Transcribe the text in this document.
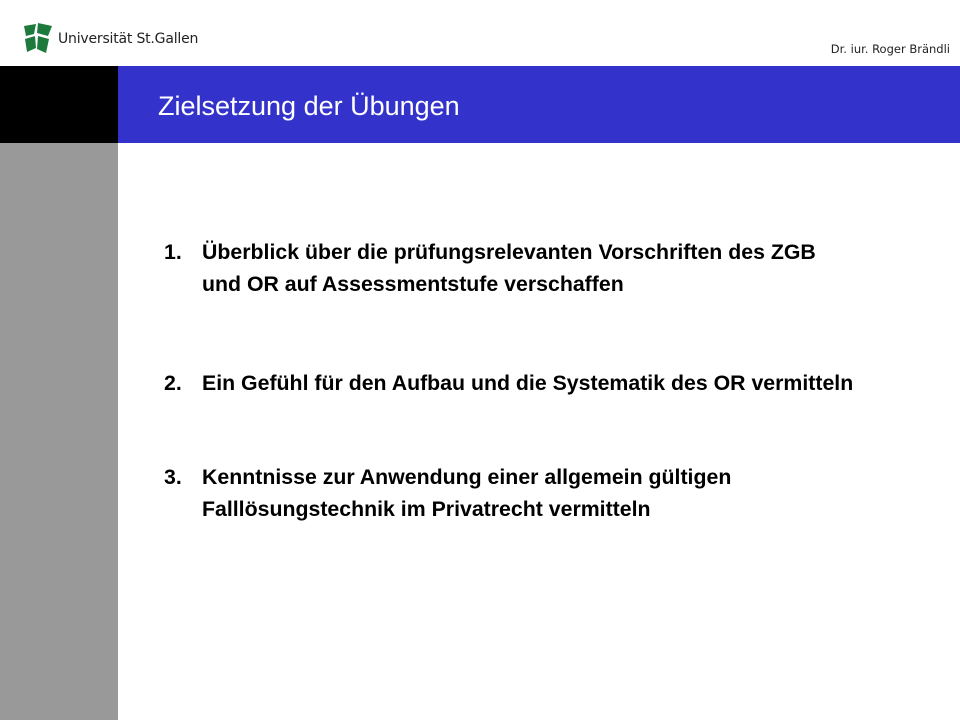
Universität St.Gallen
Dr. iur. Roger Brändli
Zielsetzung der Übungen
1. Überblick über die prüfungsrelevanten Vorschriften des ZGB und OR auf Assessmentstufe verschaffen
2. Ein Gefühl für den Aufbau und die Systematik des OR vermitteln
3. Kenntnisse zur Anwendung einer allgemein gültigen Falllösungstechnik im Privatrecht vermitteln
